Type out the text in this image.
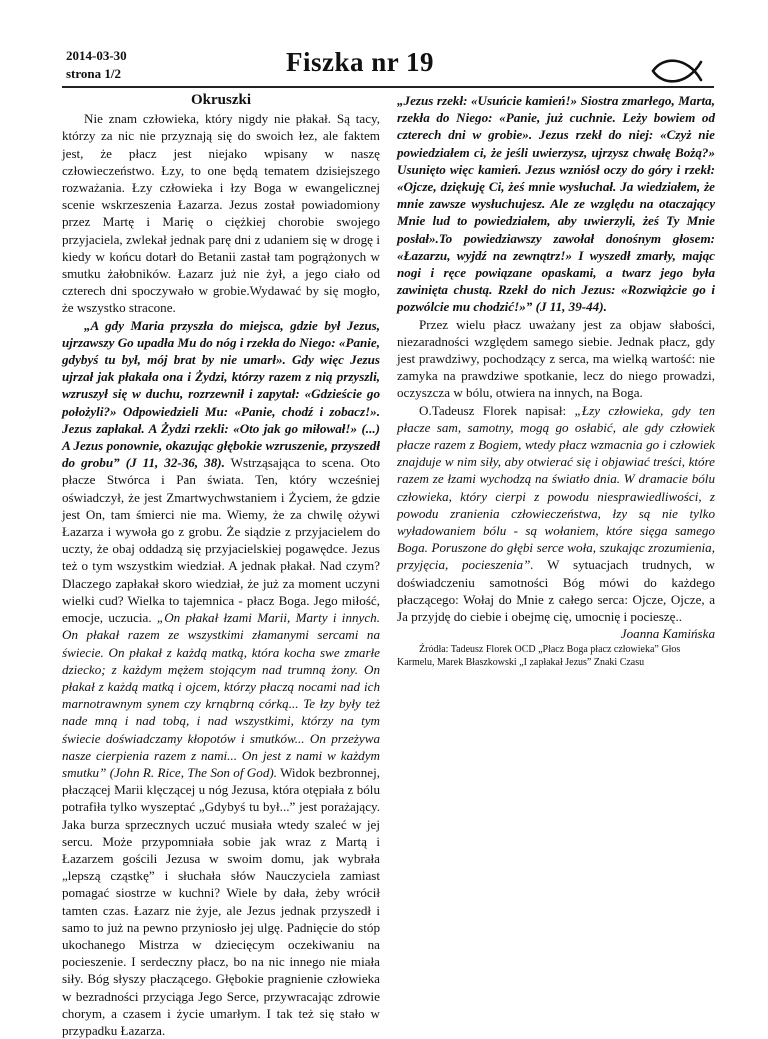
2014-03-30
strona 1/2	Fiszka nr 19
Okruszki

Nie znam człowieka, który nigdy nie płakał. Są tacy, którzy za nic nie przyznają się do swoich łez, ale faktem jest, że płacz jest niejako wpisany w naszę człowieczeństwo. Łzy, to one będą tematem dzisiejszego rozważania. Łzy człowieka i łzy Boga w ewangelicznej scenie wskrzeszenia Łazarza. Jezus został powiadomiony przez Martę i Marię o ciężkiej chorobie swojego przyjaciela, zwlekał jednak parę dni z udaniem się w drogę i kiedy w końcu dotarł do Betanii zastał tam pogrążonych w smutku żałobników. Łazarz już nie żył, a jego ciało od czterech dni spoczywało w grobie.Wydawać by się mogło, że wszystko stracone.

„A gdy Maria przyszła do miejsca, gdzie był Jezus, ujrzawszy Go upadła Mu do nóg i rzekła do Niego: «Panie, gdybyś tu był, mój brat by nie umarł». Gdy więc Jezus ujrzał jak płakała ona i Żydzi, którzy razem z nią przyszli, wzruszył się w duchu, rozrzewnił i zapytał: «Gdzieście go położyli?» Odpowiedzieli Mu: «Panie, chodź i zobacz!». Jezus zapłakał. A Żydzi rzekli: «Oto jak go miłował!» (...) A Jezus ponownie, okazując głębokie wzruszenie, przyszedł do grobu” (J 11, 32-36, 38). Wstrząsająca to scena. Oto płacze Stwórca i Pan świata. Ten, który wcześniej oświadczył, że jest Zmartwychwstaniem i Życiem, że gdzie jest On, tam śmierci nie ma. Wiemy, że za chwilę ożywi Łazarza i wywoła go z grobu. Że siądzie z przyjacielem do uczty, że obaj oddadzą się przyjacielskiej pogawędce. Jezus też o tym wszystkim wiedział. A jednak płakał. Nad czym? Dlaczego zapłakał skoro wiedział, że już za moment uczyni wielki cud? Wielka to tajemnica - płacz Boga. Jego miłość, emocje, uczucia. „On płakał łzami Marii, Marty i innych. On płakał razem ze wszystkimi złamanymi sercami na świecie. On płakał z każdą matką, która kocha swe zmarłe dziecko; z każdym mężem stojącym nad trumną żony. On płakał z każdą matką i ojcem, którzy płaczą nocami nad ich marnotrawnym synem czy krnąbrną córką... Te łzy były też nade mną i nad tobą, i nad wszystkimi, którzy na tym świecie doświadczamy kłopotów i smutków... On przeżywa nasze cierpienia razem z nami... On jest z nami w każdym smutku” (John R. Rice, The Son of God). Widok bezbronnej, płaczącej Marii klęczącej u nóg Jezusa, która otępiała z bólu potrafiła tylko wyszeptać „Gdybyś tu był...” jest porażający. Jaka burza sprzecznych uczuć musiała wtedy szaleć w jej sercu. Może przypomniała sobie jak wraz z Martą i Łazarzem gościli Jezusa w swoim domu, jak wybrała „lepszą cząstkę” i słuchała słów Nauczyciela zamiast pomagać siostrze w kuchni? Wiele by dała, żeby wrócił tamten czas. Łazarz nie żyje, ale Jezus jednak przyszedł i samo to już na pewno przyniosło jej ulgę. Padnięcie do stóp ukochanego Mistrza w dziecięcym oczekiwaniu na pocieszenie. I serdeczny płacz, bo na nic innego nie miała siły. Bóg słyszy płaczącego. Głębokie pragnienie człowieka w bezradności przyciąga Jego Serce, przywracając zdrowie chorym, a czasem i życie umarłym. I tak też się stało w przypadku Łazarza.

„Jezus rzekł: «Usuńcie kamień!» Siostra zmarłego, Marta, rzekła do Niego: «Panie, już cuchnie. Leży bowiem od czterech dni w grobie». Jezus rzekł do niej: «Czyż nie powiedziałem ci, że jeśli uwierzysz, ujrzysz chwałę Bożą?» Usunięto więc kamień. Jezus wzniósł oczy do góry i rzekł: «Ojcze, dziękuję Ci, żeś mnie wysłuchał. Ja wiedziałem, że mnie zawsze wysłuchujesz. Ale ze względu na otaczający Mnie lud to powiedziałem, aby uwierzyli, żeś Ty Mnie posłał».To powiedziawszy zawołał donośnym głosem: «Łazarzu, wyjdź na zewnątrz!» I wyszedł zmarły, mając nogi i ręce powiązane opaskami, a twarz jego była zawinięta chustą. Rzekł do nich Jezus: «Rozwiążcie go i pozwólcie mu chodzić!»” (J 11, 39-44).

Przez wielu płacz uważany jest za objaw słabości, niezaradności względem samego siebie. Jednak płacz, gdy jest prawdziwy, pochodzący z serca, ma wielką wartość: nie zamyka na prawdziwe spotkanie, lecz do niego prowadzi, oczyszcza w bólu, otwiera na innych, na Boga.

O.Tadeusz Florek napisał: „Łzy człowieka, gdy ten płacze sam, samotny, mogą go osłabić, ale gdy człowiek płacze razem z Bogiem, wtedy płacz wzmacnia go i człowiek znajduje w nim siły, aby otwierać się i objawiać treści, które razem ze łzami wychodzą na światło dnia. W dramacie bólu człowieka, który cierpi z powodu niesprawiedliwości, z powodu zranienia człowieczeństwa, łzy są nie tylko wyładowaniem bólu - są wołaniem, które sięga samego Boga. Poruszone do głębi serce woła, szukając zrozumienia, przyjęcia, pocieszenia”. W sytuacjach trudnych, w doświadczeniu samotności Bóg mówi do każdego płaczącego: Wołaj do Mnie z całego serca: Ojcze, Ojcze, a Ja przyjdę do ciebie i obejmę cię, umocnię i pocieszę..

Joanna Kamińska

Źródła: Tadeusz Florek OCD „Płacz Boga płacz człowieka” Głos Karmelu, Marek Błaszkowski „I zapłakał Jezus” Znaki Czasu
